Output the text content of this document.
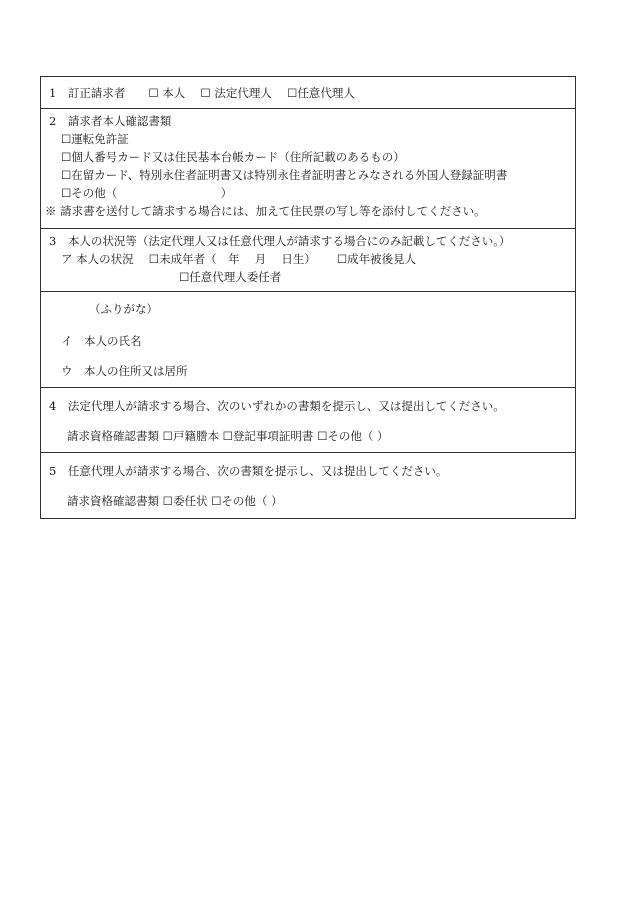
1　訂正請求者　　☐ 本人　 ☐ 法定代理人　 ☐任意代理人
2　請求者本人確認書類
☐運転免許証
☐個人番号カード又は住民基本台帳カード（住所記載のあるもの）
☐在留カード、特別永住者証明書又は特別永住者証明書とみなされる外国人登録証明書
☐その他（　　　　　　　　　）
※ 請求書を送付して請求する場合には、加えて住民票の写し等を添付してください。
3　本人の状況等（法定代理人又は任意代理人が請求する場合にのみ記載してください。）
ア 本人の状況　 ☐未成年者（　年　 月　 日生）　　 ☐成年被後見人
☐任意代理人委任者
（ふりがな）
イ　本人の氏名
ウ　本人の住所又は居所
4　法定代理人が請求する場合、次のいずれかの書類を提示し、又は提出してください。
請求資格確認書類 ☐戸籍謄本 ☐登記事項証明書 ☐その他（ ）
5　任意代理人が請求する場合、次の書類を提示し、又は提出してください。
請求資格確認書類 ☐委任状 ☐その他（ ）
